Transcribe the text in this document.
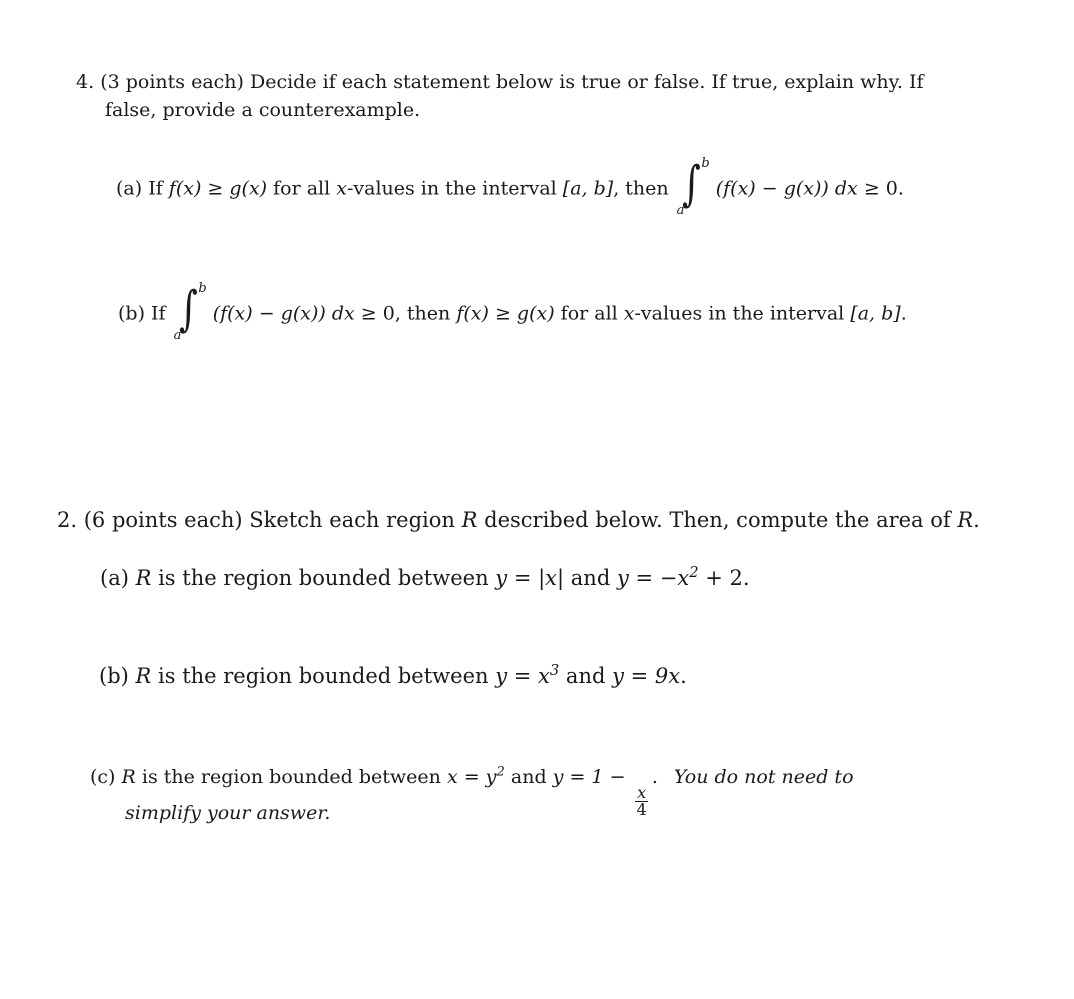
4. (3 points each) Decide if each statement below is true or false. If true, explain why. If
false, provide a counterexample.
(a) If f(x) ≥ g(x) for all x-values in the interval [a, b], then ∫ b
a
(f(x) − g(x)) dx ≥ 0.
(b) If ∫ b
a
(f(x) − g(x)) dx ≥ 0, then f(x) ≥ g(x) for all x-values in the interval [a, b].
2. (6 points each) Sketch each region R described below. Then, compute the area of R.
(a) R is the region bounded between y = |x| and $y = -x^2 + 2$.
(b) R is the region bounded between $y = x^3$ and y = 9x.
(c) R is the region bounded between $x = y^2$ and y = 1 −
$\frac{x}{4}$
. You do not need to
simplify your answer.
